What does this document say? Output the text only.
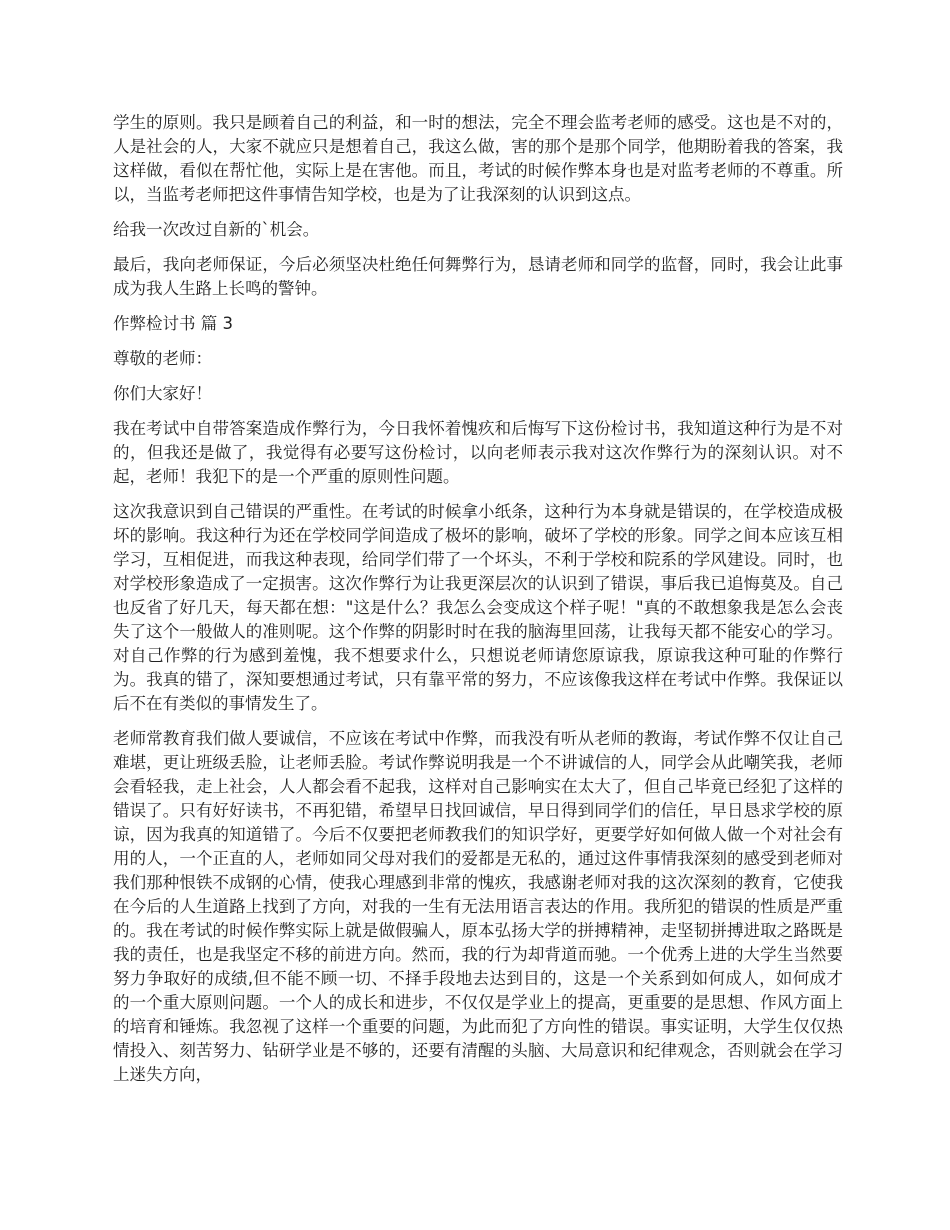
学生的原则。我只是顾着自己的利益，和一时的想法，完全不理会监考老师的感受。这也是不对的，人是社会的人，大家不就应只是想着自己，我这么做，害的那个是那个同学，他期盼着我的答案，我这样做，看似在帮忙他，实际上是在害他。而且，考试的时候作弊本身也是对监考老师的不尊重。所以，当监考老师把这件事情告知学校，也是为了让我深刻的认识到这点。

给我一次改过自新的`机会。

最后，我向老师保证，今后必须坚决杜绝任何舞弊行为，恳请老师和同学的监督，同时，我会让此事成为我人生路上长鸣的警钟。

作弊检讨书 篇 3

尊敬的老师：

你们大家好！

我在考试中自带答案造成作弊行为，今日我怀着愧疚和后悔写下这份检讨书，我知道这种行为是不对的，但我还是做了，我觉得有必要写这份检讨，以向老师表示我对这次作弊行为的深刻认识。对不起，老师！我犯下的是一个严重的原则性问题。

这次我意识到自己错误的严重性。在考试的时候拿小纸条，这种行为本身就是错误的，在学校造成极坏的影响。我这种行为还在学校同学间造成了极坏的影响，破坏了学校的形象。同学之间本应该互相学习，互相促进，而我这种表现，给同学们带了一个坏头，不利于学校和院系的学风建设。同时，也对学校形象造成了一定损害。这次作弊行为让我更深层次的认识到了错误，事后我已追悔莫及。自己也反省了好几天，每天都在想："这是什么？我怎么会变成这个样子呢！"真的不敢想象我是怎么会丧失了这个一般做人的准则呢。这个作弊的阴影时时在我的脑海里回荡，让我每天都不能安心的学习。对自己作弊的行为感到羞愧，我不想要求什么，只想说老师请您原谅我，原谅我这种可耻的作弊行为。我真的错了，深知要想通过考试，只有靠平常的努力，不应该像我这样在考试中作弊。我保证以后不在有类似的事情发生了。

老师常教育我们做人要诚信，不应该在考试中作弊，而我没有听从老师的教诲，考试作弊不仅让自己难堪，更让班级丢脸，让老师丢脸。考试作弊说明我是一个不讲诚信的人，同学会从此嘲笑我，老师会看轻我，走上社会，人人都会看不起我，这样对自己影响实在太大了，但自己毕竟已经犯了这样的错误了。只有好好读书，不再犯错，希望早日找回诚信，早日得到同学们的信任，早日恳求学校的原谅，因为我真的知道错了。今后不仅要把老师教我们的知识学好，更要学好如何做人做一个对社会有用的人，一个正直的人，老师如同父母对我们的爱都是无私的，通过这件事情我深刻的感受到老师对我们那种恨铁不成钢的心情，使我心理感到非常的愧疚，我感谢老师对我的这次深刻的教育，它使我在今后的人生道路上找到了方向，对我的一生有无法用语言表达的作用。我所犯的错误的性质是严重的。我在考试的时候作弊实际上就是做假骗人，原本弘扬大学的拼搏精神，走坚韧拼搏进取之路既是我的责任，也是我坚定不移的前进方向。然而，我的行为却背道而驰。一个优秀上进的大学生当然要努力争取好的成绩,但不能不顾一切、不择手段地去达到目的，这是一个关系到如何成人，如何成才的一个重大原则问题。一个人的成长和进步，不仅仅是学业上的提高，更重要的是思想、作风方面上的培育和锤炼。我忽视了这样一个重要的问题，为此而犯了方向性的错误。事实证明，大学生仅仅热情投入、刻苦努力、钻研学业是不够的，还要有清醒的头脑、大局意识和纪律观念，否则就会在学习上迷失方向，
